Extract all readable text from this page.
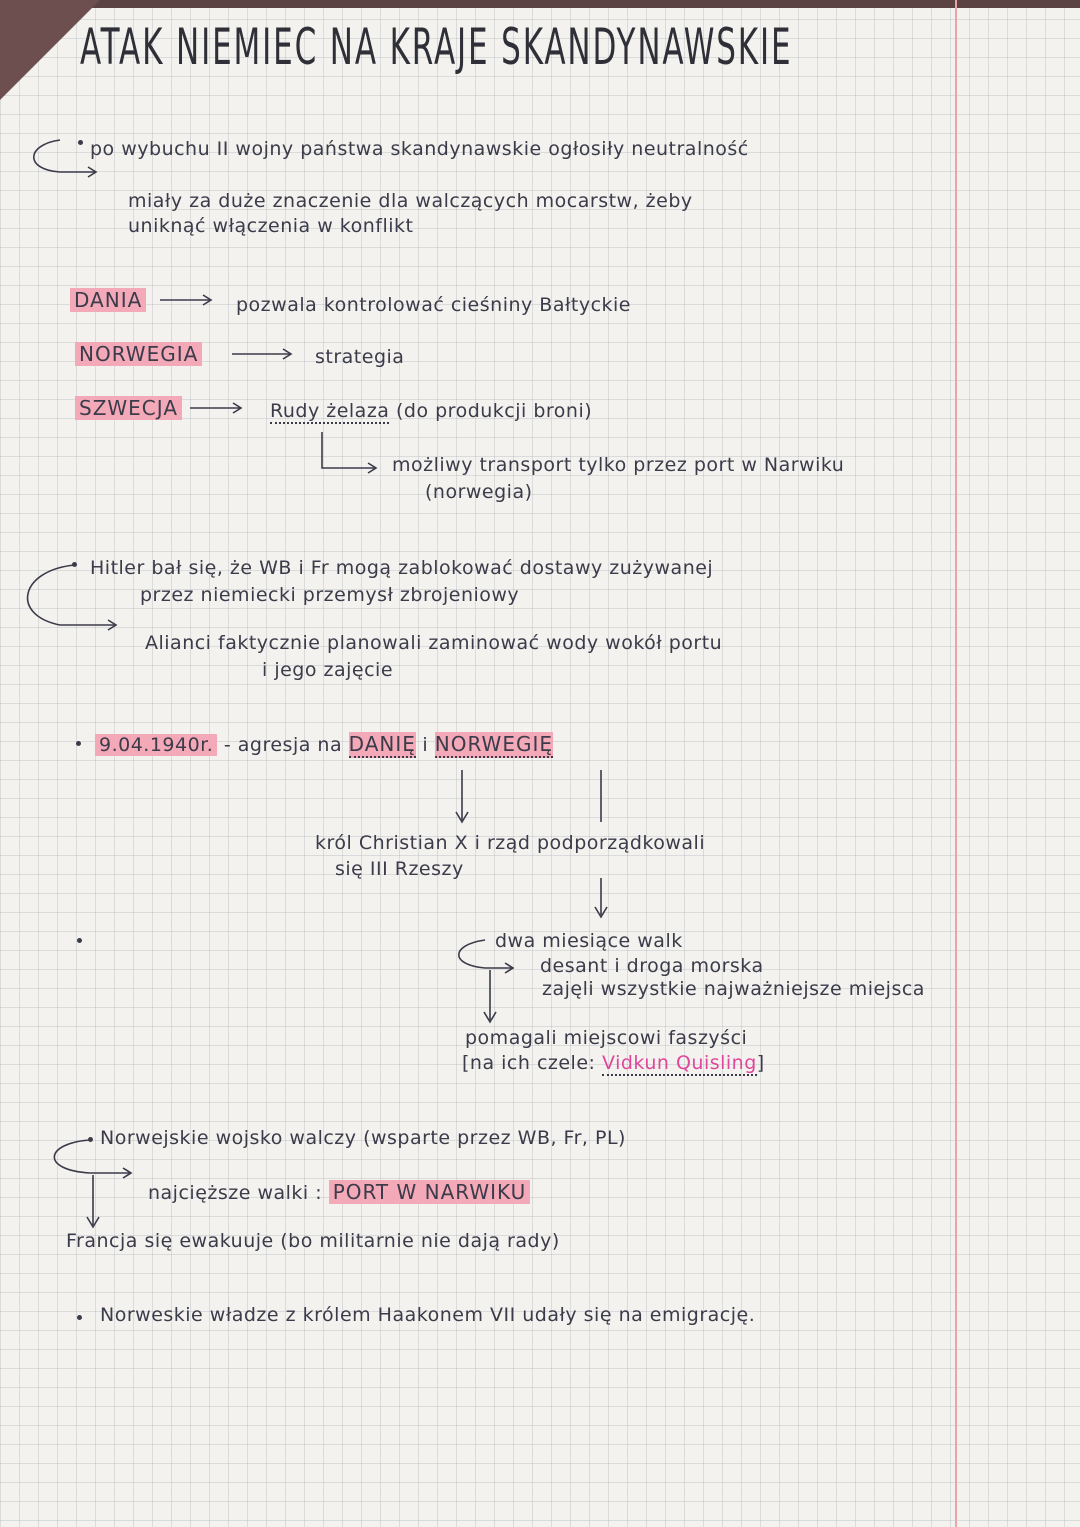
ATAK NIEMIEC NA KRAJE SKANDYNAWSKIE
po wybuchu II wojny państwa skandynawskie ogłosiły neutralność
miały za duże znaczenie dla walczących mocarstw, żeby
uniknąć włączenia w konflikt
DANIA	pozwala kontrolować cieśniny Bałtyckie
NORWEGIA	strategia
SZWECJA	Rudy żelaza (do produkcji broni)
możliwy transport tylko przez port w Narwiku
(norwegia)
Hitler bał się, że WB i Fr mogą zablokować dostawy zużywanej
przez niemiecki przemysł zbrojeniowy
Alianci faktycznie planowali zaminować wody wokół portu
i jego zajęcie
9.04.1940r. - agresja na DANIĘ i NORWEGIĘ
król Christian X i rząd podporządkowali
się III Rzeszy
dwa miesiące walk
desant i droga morska
zajęli wszystkie najważniejsze miejsca
pomagali miejscowi faszyści
[na ich czele: Vidkun Quisling]
Norwejskie wojsko walczy (wsparte przez WB, Fr, PL)
najcięższe walki : PORT W NARWIKU
Francja się ewakuuje (bo militarnie nie dają rady)
Norweskie władze z królem Haakonem VII udały się na emigrację.
